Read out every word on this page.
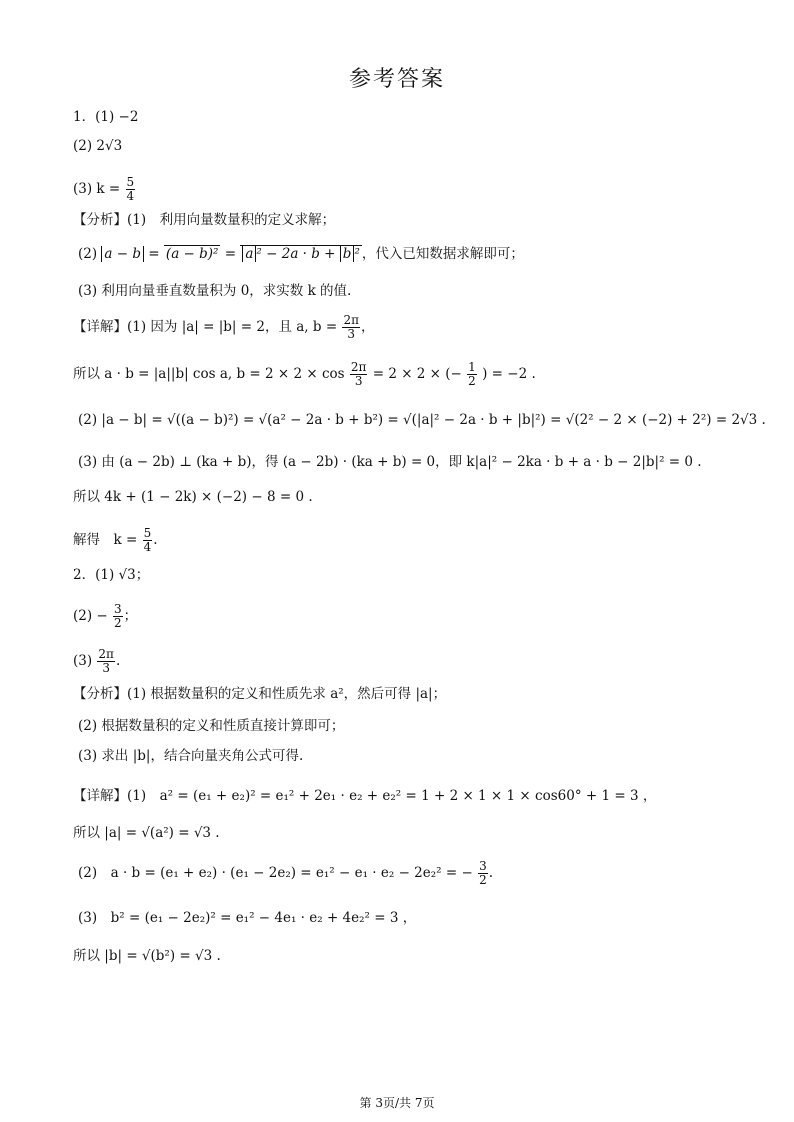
参考答案
1．(1) −2
(2) 2√3
(3) $k = \frac{5}{4}$
【分析】(1)　利用向量数量积的定义求解；
(2) a − b = (a − b)² = a ² − 2a · b + b ² ，代入已知数据求解即可；
(3) 利用向量垂直数量积为 0，求实数 k 的值.
【详解】(1) 因为 |a| = |b| = 2，且 a, $b = \frac{2\pi}{3}$ ，
所以 a · b = |a||b| cos a, $b = 2 \times 2 \times \cos \frac{2\pi}{3} = 2 \times 2$ × (− $\frac{1}{2}$ ) = −2 .
(2) |a − b| = √((a − b)²) = √(a² − 2a · b + b²) = √(|a|² − 2a · b + |b|²) = √(2² − 2 × (−2) + 2²) = 2√3 .
(3) 由 (a − 2b) ⊥ (ka + b)，得 (a − 2b) · (ka + b) = 0，即 k|a|² − 2ka · b + a · b − 2|b|² = 0 .
所以 4k + (1 − 2k) × (−2) − 8 = 0 .
解得　$k = \frac{5}{4}$ .
2．(1) √3；
$(2) - \frac{3}{2}$ ；
$(3) \frac{2\pi}{3}$ .
【分析】(1) 根据数量积的定义和性质先求 a²，然后可得 |a|；
(2) 根据数量积的定义和性质直接计算即可；
(3) 求出 |b|，结合向量夹角公式可得.
【详解】(1)　a² = (e₁ + e₂)² = e₁² + 2e₁ · e₂ + e₂² = 1 + 2 × 1 × 1 × cos60° + 1 = 3 ，
所以 |a| = √(a²) = √3 .
(2)　a · b = (e₁ + e₂) · (e₁ − 2e₂) = e₁² − e₁ · e₂ − 2e₂² = − $\frac{3}{2}$ .
(3)　b² = (e₁ − 2e₂)² = e₁² − 4e₁ · e₂ + 4e₂² = 3 ，
所以 |b| = √(b²) = √3 .
第 3页/共 7页
